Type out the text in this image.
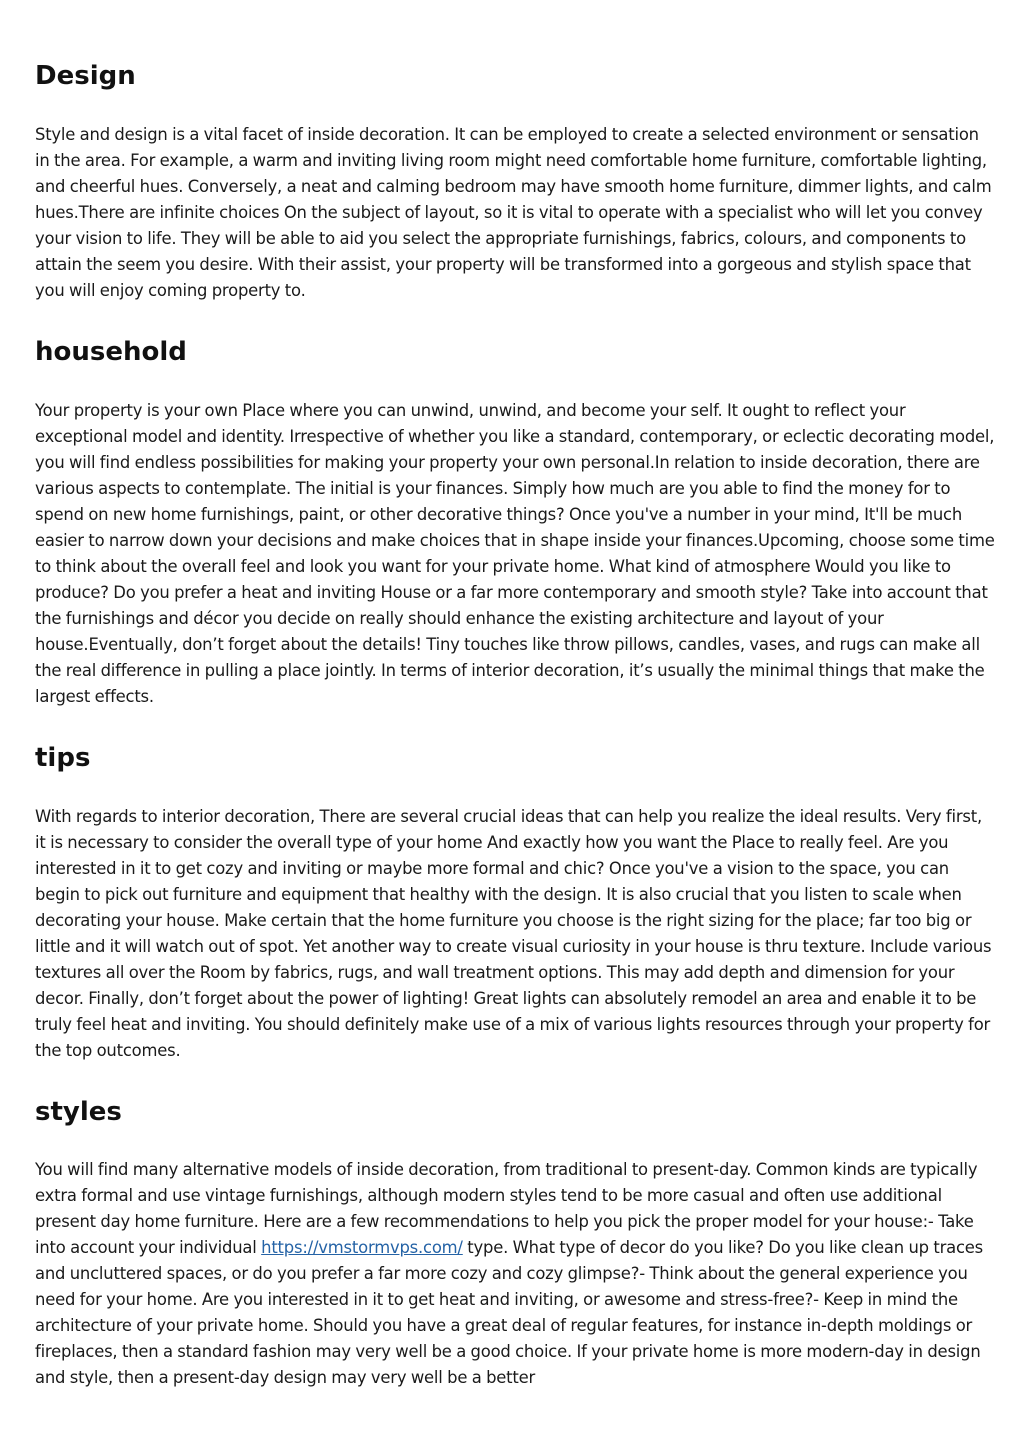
Design

Style and design is a vital facet of inside decoration. It can be employed to create a selected environment or sensation in the area. For example, a warm and inviting living room might need comfortable home furniture, comfortable lighting, and cheerful hues. Conversely, a neat and calming bedroom may have smooth home furniture, dimmer lights, and calm hues.There are infinite choices On the subject of layout, so it is vital to operate with a specialist who will let you convey your vision to life. They will be able to aid you select the appropriate furnishings, fabrics, colours, and components to attain the seem you desire. With their assist, your property will be transformed into a gorgeous and stylish space that you will enjoy coming property to.

household

Your property is your own Place where you can unwind, unwind, and become your self. It ought to reflect your exceptional model and identity. Irrespective of whether you like a standard, contemporary, or eclectic decorating model, you will find endless possibilities for making your property your own personal.In relation to inside decoration, there are various aspects to contemplate. The initial is your finances. Simply how much are you able to find the money for to spend on new home furnishings, paint, or other decorative things? Once you've a number in your mind, It'll be much easier to narrow down your decisions and make choices that in shape inside your finances.Upcoming, choose some time to think about the overall feel and look you want for your private home. What kind of atmosphere Would you like to produce? Do you prefer a heat and inviting House or a far more contemporary and smooth style? Take into account that the furnishings and décor you decide on really should enhance the existing architecture and layout of your house.Eventually, don’t forget about the details! Tiny touches like throw pillows, candles, vases, and rugs can make all the real difference in pulling a place jointly. In terms of interior decoration, it’s usually the minimal things that make the largest effects.

tips

With regards to interior decoration, There are several crucial ideas that can help you realize the ideal results. Very first, it is necessary to consider the overall type of your home And exactly how you want the Place to really feel. Are you interested in it to get cozy and inviting or maybe more formal and chic? Once you've a vision to the space, you can begin to pick out furniture and equipment that healthy with the design. It is also crucial that you listen to scale when decorating your house. Make certain that the home furniture you choose is the right sizing for the place; far too big or little and it will watch out of spot. Yet another way to create visual curiosity in your house is thru texture. Include various textures all over the Room by fabrics, rugs, and wall treatment options. This may add depth and dimension for your decor. Finally, don’t forget about the power of lighting! Great lights can absolutely remodel an area and enable it to be truly feel heat and inviting. You should definitely make use of a mix of various lights resources through your property for the top outcomes.

styles

You will find many alternative models of inside decoration, from traditional to present-day. Common kinds are typically extra formal and use vintage furnishings, although modern styles tend to be more casual and often use additional present day home furniture. Here are a few recommendations to help you pick the proper model for your house:- Take into account your individual https://vmstormvps.com/ type. What type of decor do you like? Do you like clean up traces and uncluttered spaces, or do you prefer a far more cozy and cozy glimpse?- Think about the general experience you need for your home. Are you interested in it to get heat and inviting, or awesome and stress-free?- Keep in mind the architecture of your private home. Should you have a great deal of regular features, for instance in-depth moldings or fireplaces, then a standard fashion may very well be a good choice. If your private home is more modern-day in design and style, then a present-day design may very well be a better
